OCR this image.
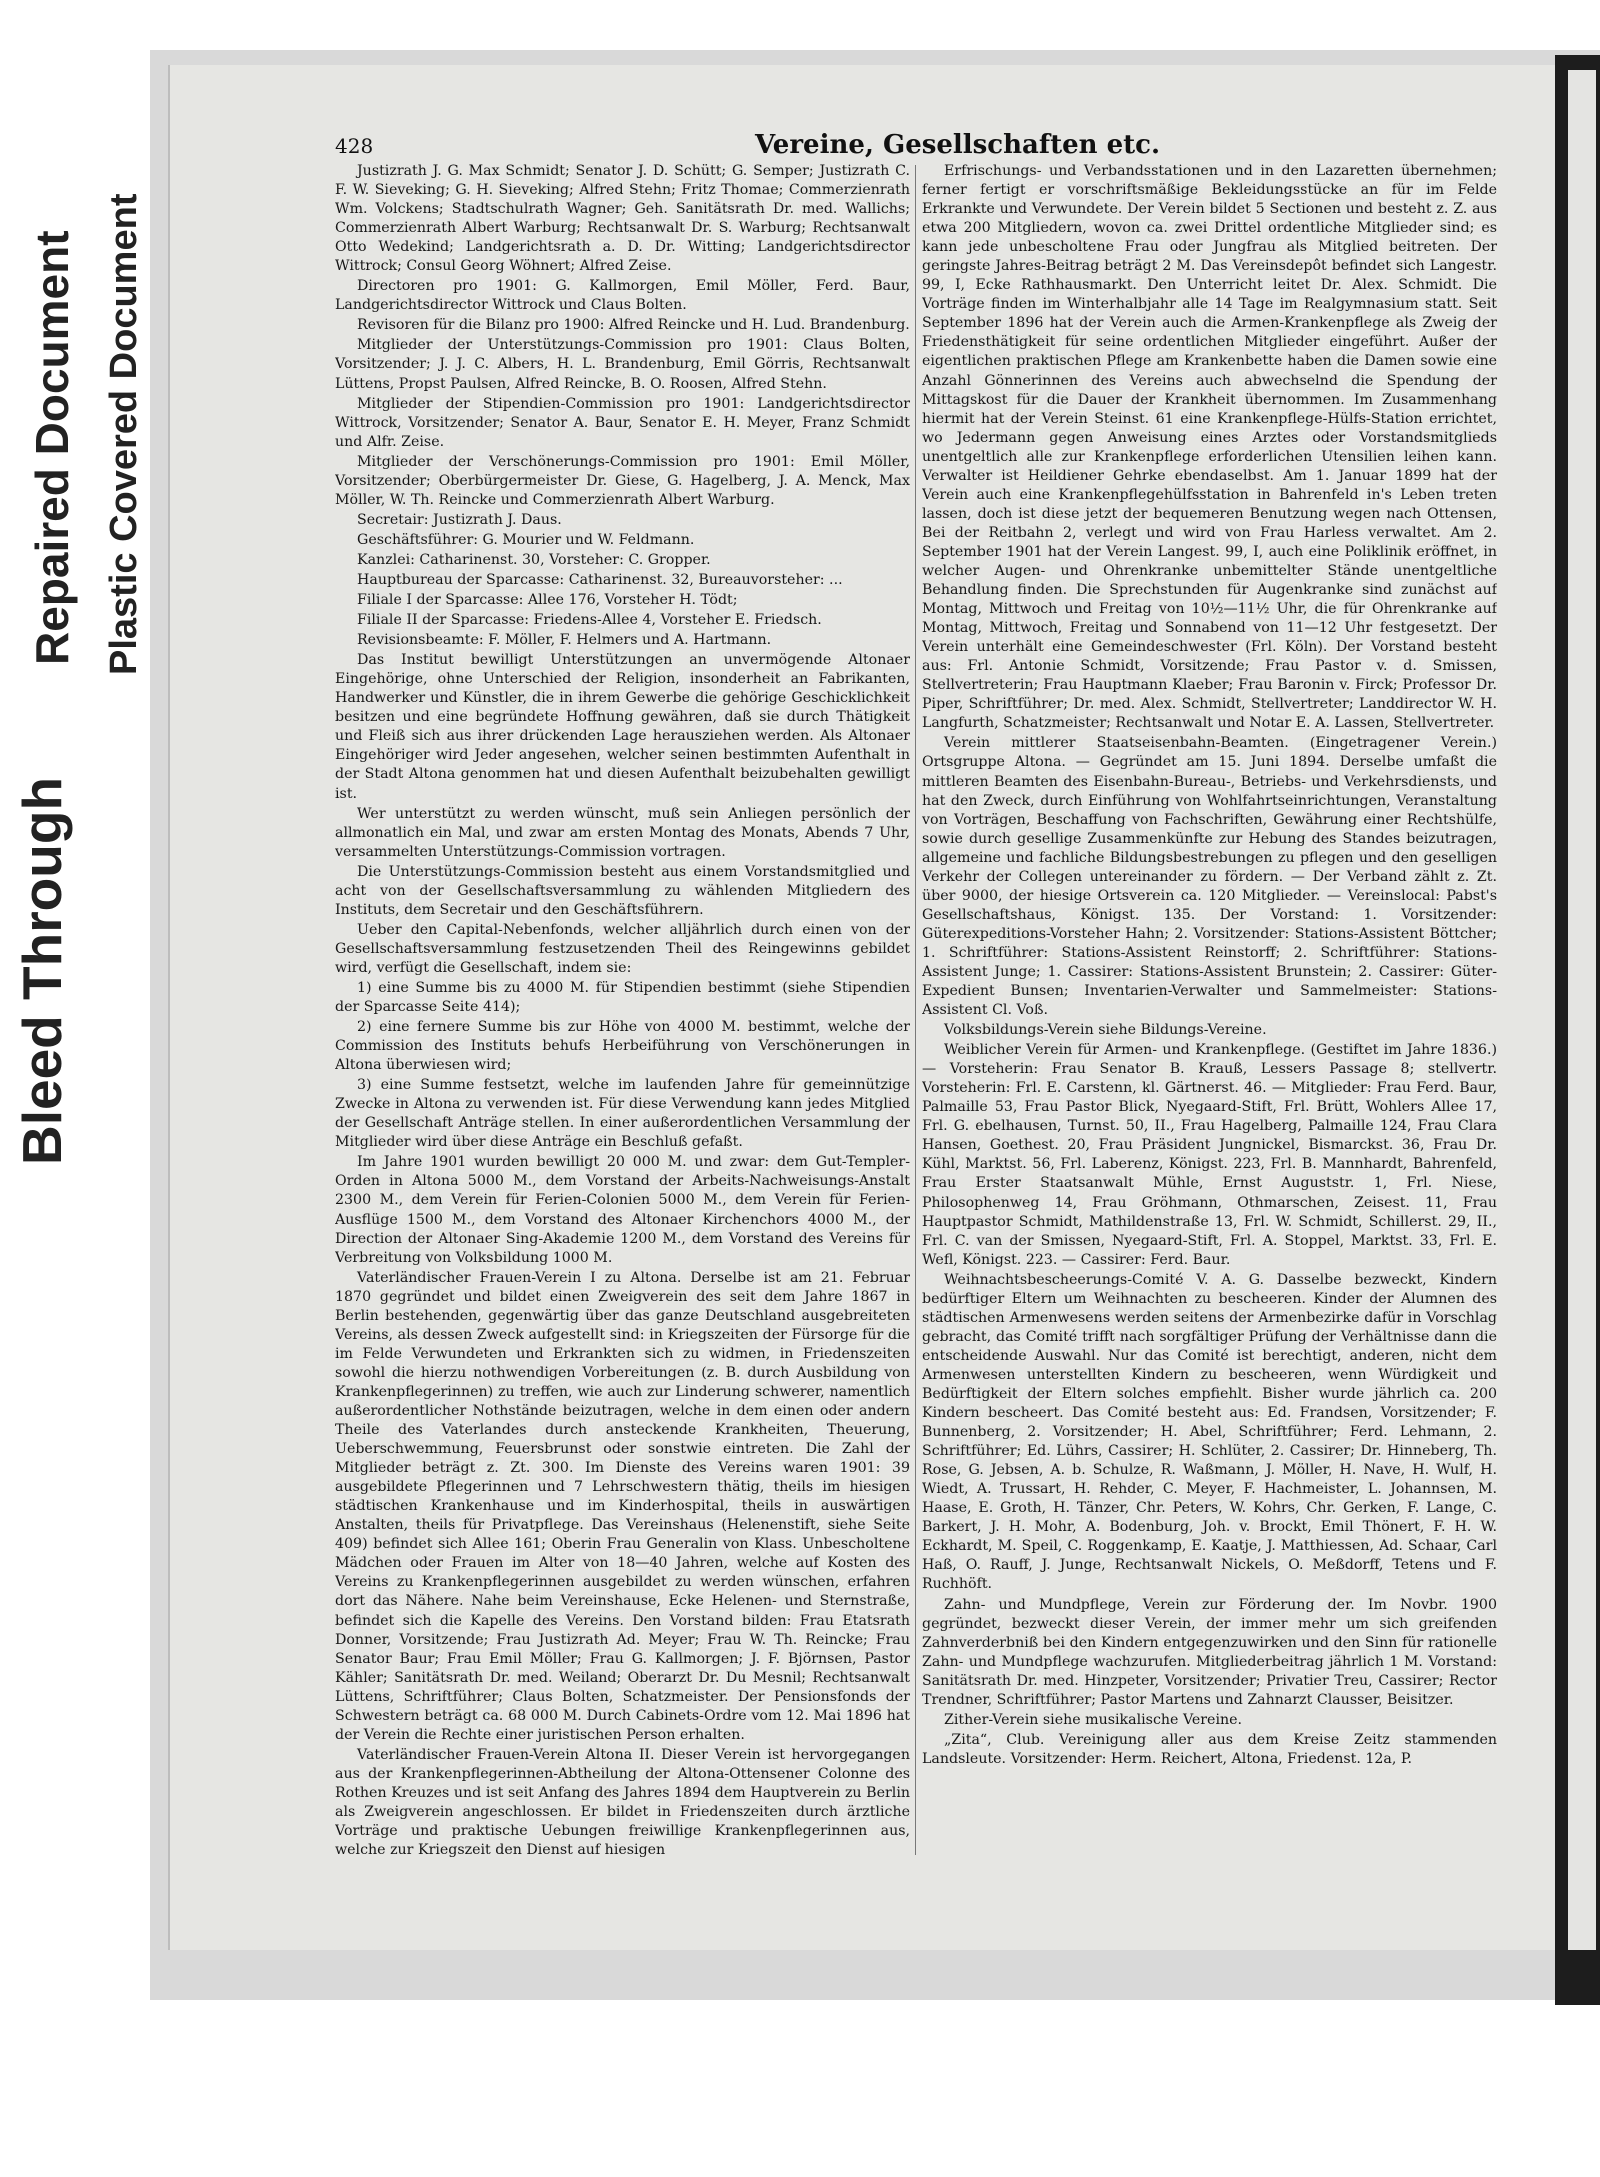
Bleed Through
Repaired Document Plastic Covered Document
428	Vereine, Gesellschaften etc.

Justizrath J. G. Max Schmidt; Senator J. D. Schütt; G. Semper; Justizrath C. F. W. Sieveking; G. H. Sieveking; Alfred Stehn; Fritz Thomae; Commerzienrath Wm. Volckens; Stadtschulrath Wagner; Geh. Sanitätsrath Dr. med. Wallichs; Commerzienrath Albert Warburg; Rechtsanwalt Dr. S. Warburg; Rechtsanwalt Otto Wedekind; Landgerichtsrath a. D. Dr. Witting; Landgerichtsdirector Wittrock; Consul Georg Wöhnert; Alfred Zeise.

Directoren pro 1901: G. Kallmorgen, Emil Möller, Ferd. Baur, Landgerichtsdirector Wittrock und Claus Bolten.

Revisoren für die Bilanz pro 1900: Alfred Reincke und H. Lud. Brandenburg.

Mitglieder der Unterstützungs-Commission pro 1901: Claus Bolten, Vorsitzender; J. J. C. Albers, H. L. Brandenburg, Emil Görris, Rechtsanwalt Lüttens, Propst Paulsen, Alfred Reincke, B. O. Roosen, Alfred Stehn.

Mitglieder der Stipendien-Commission pro 1901: Landgerichtsdirector Wittrock, Vorsitzender; Senator A. Baur, Senator E. H. Meyer, Franz Schmidt und Alfr. Zeise.

Mitglieder der Verschönerungs-Commission pro 1901: Emil Möller, Vorsitzender; Oberbürgermeister Dr. Giese, G. Hagelberg, J. A. Menck, Max Möller, W. Th. Reincke und Commerzienrath Albert Warburg.

Secretair: Justizrath J. Daus.

Geschäftsführer: G. Mourier und W. Feldmann.

Kanzlei: Catharinenst. 30, Vorsteher: C. Gropper.

Hauptbureau der Sparcasse: Catharinenst. 32, Bureauvorsteher: ...

Filiale I der Sparcasse: Allee 176, Vorsteher H. Tödt;

Filiale II der Sparcasse: Friedens-Allee 4, Vorsteher E. Friedsch.

Revisionsbeamte: F. Möller, F. Helmers und A. Hartmann.

Das Institut bewilligt Unterstützungen an unvermögende Altonaer Eingehörige, ohne Unterschied der Religion, insonderheit an Fabrikanten, Handwerker und Künstler, die in ihrem Gewerbe die gehörige Geschicklichkeit besitzen und eine begründete Hoffnung gewähren, daß sie durch Thätigkeit und Fleiß sich aus ihrer drückenden Lage herausziehen werden. Als Altonaer Eingehöriger wird Jeder angesehen, welcher seinen bestimmten Aufenthalt in der Stadt Altona genommen hat und diesen Aufenthalt beizubehalten gewilligt ist.

Wer unterstützt zu werden wünscht, muß sein Anliegen persönlich der allmonatlich ein Mal, und zwar am ersten Montag des Monats, Abends 7 Uhr, versammelten Unterstützungs-Commission vortragen.

Die Unterstützungs-Commission besteht aus einem Vorstandsmitglied und acht von der Gesellschaftsversammlung zu wählenden Mitgliedern des Instituts, dem Secretair und den Geschäftsführern.

Ueber den Capital-Nebenfonds, welcher alljährlich durch einen von der Gesellschaftsversammlung festzusetzenden Theil des Reingewinns gebildet wird, verfügt die Gesellschaft, indem sie:

1) eine Summe bis zu 4000 M. für Stipendien bestimmt (siehe Stipendien der Sparcasse Seite 414);

2) eine fernere Summe bis zur Höhe von 4000 M. bestimmt, welche der Commission des Instituts behufs Herbeiführung von Verschönerungen in Altona überwiesen wird;

3) eine Summe festsetzt, welche im laufenden Jahre für gemeinnützige Zwecke in Altona zu verwenden ist. Für diese Verwendung kann jedes Mitglied der Gesellschaft Anträge stellen. In einer außerordentlichen Versammlung der Mitglieder wird über diese Anträge ein Beschluß gefaßt.

Im Jahre 1901 wurden bewilligt 20 000 M. und zwar: dem Gut-Templer-Orden in Altona 5000 M., dem Vorstand der Arbeits-Nachweisungs-Anstalt 2300 M., dem Verein für Ferien-Colonien 5000 M., dem Verein für Ferien-Ausflüge 1500 M., dem Vorstand des Altonaer Kirchenchors 4000 M., der Direction der Altonaer Sing-Akademie 1200 M., dem Vorstand des Vereins für Verbreitung von Volksbildung 1000 M.

Vaterländischer Frauen-Verein I zu Altona. Derselbe ist am 21. Februar 1870 gegründet und bildet einen Zweigverein des seit dem Jahre 1867 in Berlin bestehenden, gegenwärtig über das ganze Deutschland ausgebreiteten Vereins, als dessen Zweck aufgestellt sind: in Kriegszeiten der Fürsorge für die im Felde Verwundeten und Erkrankten sich zu widmen, in Friedenszeiten sowohl die hierzu nothwendigen Vorbereitungen (z. B. durch Ausbildung von Krankenpflegerinnen) zu treffen, wie auch zur Linderung schwerer, namentlich außerordentlicher Nothstände beizutragen, welche in dem einen oder andern Theile des Vaterlandes durch ansteckende Krankheiten, Theuerung, Ueberschwemmung, Feuersbrunst oder sonstwie eintreten. Die Zahl der Mitglieder beträgt z. Zt. 300. Im Dienste des Vereins waren 1901: 39 ausgebildete Pflegerinnen und 7 Lehrschwestern thätig, theils im hiesigen städtischen Krankenhause und im Kinderhospital, theils in auswärtigen Anstalten, theils für Privatpflege. Das Vereinshaus (Helenenstift, siehe Seite 409) befindet sich Allee 161; Oberin Frau Generalin von Klass. Unbescholtene Mädchen oder Frauen im Alter von 18—40 Jahren, welche auf Kosten des Vereins zu Krankenpflegerinnen ausgebildet zu werden wünschen, erfahren dort das Nähere. Nahe beim Vereinshause, Ecke Helenen- und Sternstraße, befindet sich die Kapelle des Vereins. Den Vorstand bilden: Frau Etatsrath Donner, Vorsitzende; Frau Justizrath Ad. Meyer; Frau W. Th. Reincke; Frau Senator Baur; Frau Emil Möller; Frau G. Kallmorgen; J. F. Björnsen, Pastor Kähler; Sanitätsrath Dr. med. Weiland; Oberarzt Dr. Du Mesnil; Rechtsanwalt Lüttens, Schriftführer; Claus Bolten, Schatzmeister. Der Pensionsfonds der Schwestern beträgt ca. 68 000 M. Durch Cabinets-Ordre vom 12. Mai 1896 hat der Verein die Rechte einer juristischen Person erhalten.

Vaterländischer Frauen-Verein Altona II. Dieser Verein ist hervorgegangen aus der Krankenpflegerinnen-Abtheilung der Altona-Ottensener Colonne des Rothen Kreuzes und ist seit Anfang des Jahres 1894 dem Hauptverein zu Berlin als Zweigverein angeschlossen. Er bildet in Friedenszeiten durch ärztliche Vorträge und praktische Uebungen freiwillige Krankenpflegerinnen aus, welche zur Kriegszeit den Dienst auf hiesigen

Erfrischungs- und Verbandsstationen und in den Lazaretten übernehmen; ferner fertigt er vorschriftsmäßige Bekleidungsstücke an für im Felde Erkrankte und Verwundete. Der Verein bildet 5 Sectionen und besteht z. Z. aus etwa 200 Mitgliedern, wovon ca. zwei Drittel ordentliche Mitglieder sind; es kann jede unbescholtene Frau oder Jungfrau als Mitglied beitreten. Der geringste Jahres-Beitrag beträgt 2 M. Das Vereinsdepôt befindet sich Langestr. 99, I, Ecke Rathhausmarkt. Den Unterricht leitet Dr. Alex. Schmidt. Die Vorträge finden im Winterhalbjahr alle 14 Tage im Realgymnasium statt. Seit September 1896 hat der Verein auch die Armen-Krankenpflege als Zweig der Friedensthätigkeit für seine ordentlichen Mitglieder eingeführt. Außer der eigentlichen praktischen Pflege am Krankenbette haben die Damen sowie eine Anzahl Gönnerinnen des Vereins auch abwechselnd die Spendung der Mittagskost für die Dauer der Krankheit übernommen. Im Zusammenhang hiermit hat der Verein Steinst. 61 eine Krankenpflege-Hülfs-Station errichtet, wo Jedermann gegen Anweisung eines Arztes oder Vorstandsmitglieds unentgeltlich alle zur Krankenpflege erforderlichen Utensilien leihen kann. Verwalter ist Heildiener Gehrke ebendaselbst. Am 1. Januar 1899 hat der Verein auch eine Krankenpflegehülfsstation in Bahrenfeld in's Leben treten lassen, doch ist diese jetzt der bequemeren Benutzung wegen nach Ottensen, Bei der Reitbahn 2, verlegt und wird von Frau Harless verwaltet. Am 2. September 1901 hat der Verein Langest. 99, I, auch eine Poliklinik eröffnet, in welcher Augen- und Ohrenkranke unbemittelter Stände unentgeltliche Behandlung finden. Die Sprechstunden für Augenkranke sind zunächst auf Montag, Mittwoch und Freitag von 10½—11½ Uhr, die für Ohrenkranke auf Montag, Mittwoch, Freitag und Sonnabend von 11—12 Uhr festgesetzt. Der Verein unterhält eine Gemeindeschwester (Frl. Köln). Der Vorstand besteht aus: Frl. Antonie Schmidt, Vorsitzende; Frau Pastor v. d. Smissen, Stellvertreterin; Frau Hauptmann Klaeber; Frau Baronin v. Firck; Professor Dr. Piper, Schriftführer; Dr. med. Alex. Schmidt, Stellvertreter; Landdirector W. H. Langfurth, Schatzmeister; Rechtsanwalt und Notar E. A. Lassen, Stellvertreter.

Verein mittlerer Staatseisenbahn-Beamten. (Eingetragener Verein.) Ortsgruppe Altona. — Gegründet am 15. Juni 1894. Derselbe umfaßt die mittleren Beamten des Eisenbahn-Bureau-, Betriebs- und Verkehrsdiensts, und hat den Zweck, durch Einführung von Wohlfahrtseinrichtungen, Veranstaltung von Vorträgen, Beschaffung von Fachschriften, Gewährung einer Rechtshülfe, sowie durch gesellige Zusammenkünfte zur Hebung des Standes beizutragen, allgemeine und fachliche Bildungsbestrebungen zu pflegen und den geselligen Verkehr der Collegen untereinander zu fördern. — Der Verband zählt z. Zt. über 9000, der hiesige Ortsverein ca. 120 Mitglieder. — Vereinslocal: Pabst's Gesellschaftshaus, Königst. 135. Der Vorstand: 1. Vorsitzender: Güterexpeditions-Vorsteher Hahn; 2. Vorsitzender: Stations-Assistent Böttcher; 1. Schriftführer: Stations-Assistent Reinstorff; 2. Schriftführer: Stations-Assistent Junge; 1. Cassirer: Stations-Assistent Brunstein; 2. Cassirer: Güter-Expedient Bunsen; Inventarien-Verwalter und Sammelmeister: Stations-Assistent Cl. Voß.

Volksbildungs-Verein siehe Bildungs-Vereine.

Weiblicher Verein für Armen- und Krankenpflege. (Gestiftet im Jahre 1836.) — Vorsteherin: Frau Senator B. Krauß, Lessers Passage 8; stellvertr. Vorsteherin: Frl. E. Carstenn, kl. Gärtnerst. 46. — Mitglieder: Frau Ferd. Baur, Palmaille 53, Frau Pastor Blick, Nyegaard-Stift, Frl. Brütt, Wohlers Allee 17, Frl. G. ebelhausen, Turnst. 50, II., Frau Hagelberg, Palmaille 124, Frau Clara Hansen, Goethest. 20, Frau Präsident Jungnickel, Bismarckst. 36, Frau Dr. Kühl, Marktst. 56, Frl. Laberenz, Königst. 223, Frl. B. Mannhardt, Bahrenfeld, Frau Erster Staatsanwalt Mühle, Ernst Auguststr. 1, Frl. Niese, Philosophenweg 14, Frau Gröhmann, Othmarschen, Zeisest. 11, Frau Hauptpastor Schmidt, Mathildenstraße 13, Frl. W. Schmidt, Schillerst. 29, II., Frl. C. van der Smissen, Nyegaard-Stift, Frl. A. Stoppel, Marktst. 33, Frl. E. Wefl, Königst. 223. — Cassirer: Ferd. Baur.

Weihnachtsbescheerungs-Comité V. A. G. Dasselbe bezweckt, Kindern bedürftiger Eltern um Weihnachten zu bescheeren. Kinder der Alumnen des städtischen Armenwesens werden seitens der Armenbezirke dafür in Vorschlag gebracht, das Comité trifft nach sorgfältiger Prüfung der Verhältnisse dann die entscheidende Auswahl. Nur das Comité ist berechtigt, anderen, nicht dem Armenwesen unterstellten Kindern zu bescheeren, wenn Würdigkeit und Bedürftigkeit der Eltern solches empfiehlt. Bisher wurde jährlich ca. 200 Kindern bescheert. Das Comité besteht aus: Ed. Frandsen, Vorsitzender; F. Bunnenberg, 2. Vorsitzender; H. Abel, Schriftführer; Ferd. Lehmann, 2. Schriftführer; Ed. Lührs, Cassirer; H. Schlüter, 2. Cassirer; Dr. Hinneberg, Th. Rose, G. Jebsen, A. b. Schulze, R. Waßmann, J. Möller, H. Nave, H. Wulf, H. Wiedt, A. Trussart, H. Rehder, C. Meyer, F. Hachmeister, L. Johannsen, M. Haase, E. Groth, H. Tänzer, Chr. Peters, W. Kohrs, Chr. Gerken, F. Lange, C. Barkert, J. H. Mohr, A. Bodenburg, Joh. v. Brockt, Emil Thönert, F. H. W. Eckhardt, M. Speil, C. Roggenkamp, E. Kaatje, J. Matthiessen, Ad. Schaar, Carl Haß, O. Rauff, J. Junge, Rechtsanwalt Nickels, O. Meßdorff, Tetens und F. Ruchhöft.

Zahn- und Mundpflege, Verein zur Förderung der. Im Novbr. 1900 gegründet, bezweckt dieser Verein, der immer mehr um sich greifenden Zahnverderbniß bei den Kindern entgegenzuwirken und den Sinn für rationelle Zahn- und Mundpflege wachzurufen. Mitgliederbeitrag jährlich 1 M. Vorstand: Sanitätsrath Dr. med. Hinzpeter, Vorsitzender; Privatier Treu, Cassirer; Rector Trendner, Schriftführer; Pastor Martens und Zahnarzt Clausser, Beisitzer.

Zither-Verein siehe musikalische Vereine.

„Zita“, Club. Vereinigung aller aus dem Kreise Zeitz stammenden Landsleute. Vorsitzender: Herm. Reichert, Altona, Friedenst. 12a, P.
